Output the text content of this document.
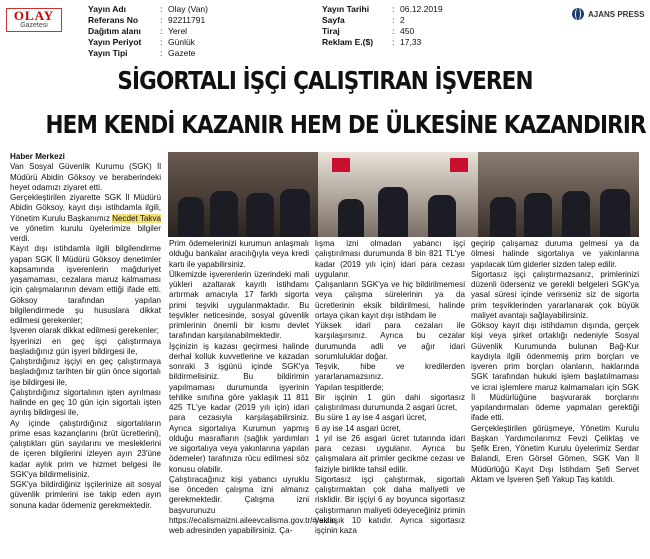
OLAY
Gazetesi
Yayın Adı	: Olay (Van)
Referans No	: 92211791
Dağıtım alanı	: Yerel
Yayın Periyot	: Günlük
Yayın Tipi	: Gazete
Yayın Tarihi	: 06.12.2019
Sayfa	: 2
Tiraj	: 450
Reklam E.($)	: 17,33
AJANS PRESS
SİGORTALI İŞÇİ ÇALIŞTIRAN İŞVEREN
HEM KENDİ KAZANIR HEM DE ÜLKESİNE KAZANDIRIR

Haber Merkezi

Van Sosyal Güvenlik Kurumu (SGK) İl Müdürü Abidin Göksoy ve beraberindeki heyet odamızı ziyaret etti.

Gerçekleştirilen ziyarette SGK İl Müdürü Abidin Göksoy, kayıt dışı istihdamla ilgili, Yönetim Kurulu Başkanımız Necdet Takva ve yönetim kurulu üyelerimize bilgiler verdi.

Kayıt dışı istihdamla ilgili bilgilendirme yapan SGK İl Müdürü Göksoy denetimler kapsamında işverenlerin mağduriyet yaşamaması, cezalara maruz kalmaması için çalışmalarının devam ettiği ifade etti. Göksoy tarafından yapılan bilgilendirmede şu hususlara dikkat edilmesi gerekenler;

İşveren olarak dikkat edilmesi gerekenler;

İşyerinizi en geç işçi çalıştırmaya başladığınız gün işyeri bildirgesi ile,

Çalıştırdığınız işçiyi en geç çalıştırmaya başladığınız tarihten bir gün önce sigortalı işe bildirgesi ile,

Çalıştırdığınız sigortalının işten ayrılması halinde en geç 10 gün için sigortalı işten ayrılış bildirgesi ile,

Ay içinde çalıştırdığınız sigortalıların prime esas kazançlarını (brüt ücretlerini), çalıştıkları gün sayılarını ve mesleklerini de içeren bilgilerini izleyen ayın 23'üne kadar aylık prim ve hizmet belgesi ile SGK'ya bildirmelisiniz.

SGK'ya bildirdiğiniz işçilerinize ait sosyal güvenlik primlerini ise takip eden ayın sonuna kadar ödemeniz gerekmektedir.

Prim ödemelerinizi kurumun anlaşmalı olduğu bankalar aracılığıyla veya kredi kartı ile yapabilirsiniz.

Ülkemizde işverenlerin üzerindeki mali yükleri azaltarak kayıtlı istihdamı artırmak amacıyla 17 farklı sigorta primi teşviki uygulanmaktadır. Bu teşvikler neticesinde, sosyal güvenlik primlerinin önemli bir kısmı devlet tarafından karşılanabilmektedir.

İşçinizin iş kazası geçirmesi halinde derhal kolluk kuvvetlerine ve kazadan sonraki 3 işgünü içinde SGK'ya bildirmelisiniz. Bu bildirimin yapılmaması durumunda işyerinin tehlike sınıfına göre yaklaşık 11 811 425 TL'ye kadar (2019 yılı için) idari para cezasıyla karşılaşabilirsiniz. Ayrıca sigortalıya Kurumun yapmış olduğu masrafların (sağlık yardımları ve sigortalıya veya yakınlarına yapılan ödemeler) tarafınıza rücu edilmesi söz konusu olabilir.

Çalıştıracağınız kişi yabancı uyruklu ise önceden çalışma izni almanız gerekmektedir. Çalışma izni başvurunuzu https://ecalismaizni.aileevcalisma.gov.tr/#/eizin web adresinden yapabilirsiniz. Ça-

lışma izni olmadan yabancı işçi çalıştırılması durumunda 8 bin 821 TL'ye kadar (2019 yılı için) idari para cezası uygulanır.

Çalışanların SGK'ya ve hiç bildirilmemesi veya çalışma sürelerinin ya da ücretlerinin eksik bildirilmesi, halinde ortaya çıkan kayıt dışı istihdam ile

Yüksek idari para cezaları ile karşılaşırsınız. Ayrıca bu cezalar durumunda adli ve ağır idari sorumluluklar doğar.

Teşvik, hibe ve kredilerden yararlanamazsınız.

Yapılan tespitlerde;

Bir işçinin 1 gün dahi sigortasız çalıştırılması durumunda 2 asgari ücret,

Bu süre 1 ay ise 4 asgari ücret,

6 ay ise 14 asgari ücret,

1 yıl ise 26 asgari ücret tutarında idari para cezası uygulanır. Ayrıca bu çalışmalara ait primler gecikme cezası ve faiziyle birlikte tahsil edilir.

Sigortasız işçi çalıştırmak, sigortalı çalıştırmaktan çok daha maliyetli ve risklidir. Bir işçiyi 6 ay boyunca sigortasız çalıştırmanın maliyeti ödeyeceğiniz primin yaklaşık 10 katıdır. Ayrıca sigortasız işçinin kaza

geçirip çalışamaz duruma gelmesi ya da ölmesi halinde sigortalıya ve yakınlarına yapılacak tüm giderler sizden talep edilir.

Sigortasız işçi çalıştırmazsanız, primlerinizi düzenli öderseniz ve gerekli belgeleri SGK'ya yasal süresi içinde verirseniz siz de sigorta prim teşviklerinden yararlanarak çok büyük maliyet avantajı sağlayabilirsiniz.

Göksoy kayıt dışı istihdamın dışında, gerçek kişi veya şirket ortaklığı nedeniyle Sosyal Güvenlik Kurumunda bulunan Bağ-Kur kaydıyla ilgili ödenmemiş prim borçları ve işveren prim borçları olanların, haklarında SGK tarafından hukuki işlem başlatılmaması ve icrai işlemlere maruz kalmamaları için SGK İl Müdürlüğüne başvurarak borçlarını yapılandırmaları ödeme yapmaları gerektiği ifade etti.

Gerçekleştirilen görüşmeye, Yönetim Kurulu Başkan Yardımcılarımız Fevzi Çeliktaş ve Şefik Eren, Yönetim Kurulu üyelerimiz Serdar Balandi, Eren Görsel Gömen, SGK Van İl Müdürlüğü Kayıt Dışı İstihdam Şefi Servet Aktam ve İşveren Şefi Yakup Taş katıldı.
